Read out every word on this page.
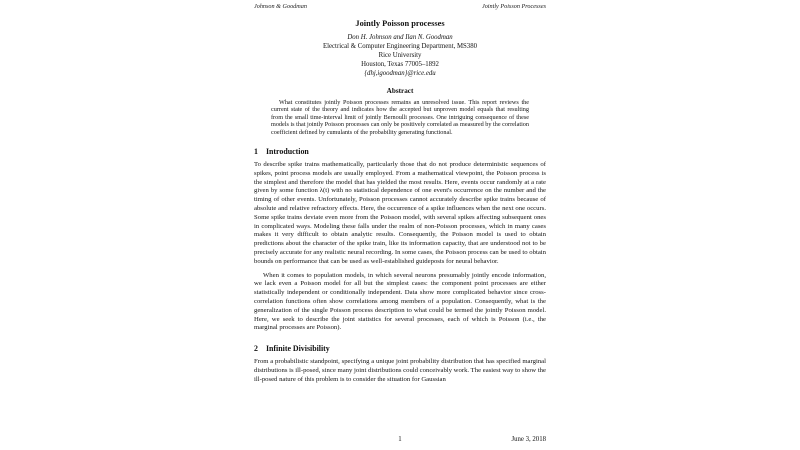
Johnson & Goodman	Jointly Poisson Processes
Jointly Poisson processes
Don H. Johnson and Ilan N. Goodman
Electrical & Computer Engineering Department, MS380
Rice University
Houston, Texas 77005–1892
{dhj,igoodman}@rice.edu
Abstract

What constitutes jointly Poisson processes remains an unresolved issue. This report reviews the current state of the theory and indicates how the accepted but unproven model equals that resulting from the small time-interval limit of jointly Bernoulli processes. One intriguing consequence of these models is that jointly Poisson processes can only be positively correlated as measured by the correlation coefficient defined by cumulants of the probability generating functional.

1 Introduction

To describe spike trains mathematically, particularly those that do not produce deterministic sequences of spikes, point process models are usually employed. From a mathematical viewpoint, the Poisson process is the simplest and therefore the model that has yielded the most results. Here, events occur randomly at a rate given by some function λ(t) with no statistical dependence of one event's occurrence on the number and the timing of other events. Unfortunately, Poisson processes cannot accurately describe spike trains because of absolute and relative refractory effects. Here, the occurrence of a spike influences when the next one occurs. Some spike trains deviate even more from the Poisson model, with several spikes affecting subsequent ones in complicated ways. Modeling these falls under the realm of non-Poisson processes, which in many cases makes it very difficult to obtain analytic results. Consequently, the Poisson model is used to obtain predictions about the character of the spike train, like its information capacity, that are understood not to be precisely accurate for any realistic neural recording. In some cases, the Poisson process can be used to obtain bounds on performance that can be used as well-established guideposts for neural behavior.

When it comes to population models, in which several neurons presumably jointly encode information, we lack even a Poisson model for all but the simplest cases: the component point processes are either statistically independent or conditionally independent. Data show more complicated behavior since cross-correlation functions often show correlations among members of a population. Consequently, what is the generalization of the single Poisson process description to what could be termed the jointly Poisson model. Here, we seek to describe the joint statistics for several processes, each of which is Poisson (i.e., the marginal processes are Poisson).

2 Infinite Divisibility

From a probabilistic standpoint, specifying a unique joint probability distribution that has specified marginal distributions is ill-posed, since many joint distributions could conceivably work. The easiest way to show the ill-posed nature of this problem is to consider the situation for Gaussian

1	June 3, 2018
